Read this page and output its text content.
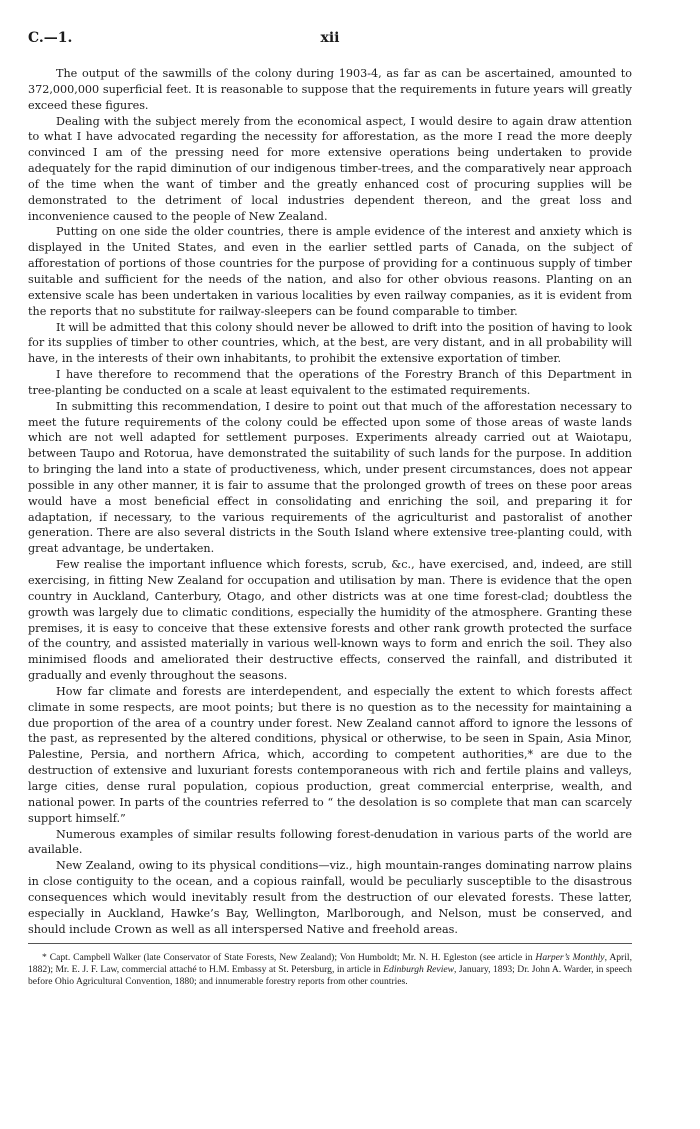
C.—1.	xii

The output of the sawmills of the colony during 1903-4, as far as can be ascertained, amounted to 372,000,000 superficial feet. It is reasonable to suppose that the requirements in future years will greatly exceed these figures.

Dealing with the subject merely from the economical aspect, I would desire to again draw attention to what I have advocated regarding the necessity for afforestation, as the more I read the more deeply convinced I am of the pressing need for more extensive operations being undertaken to provide adequately for the rapid diminution of our indigenous timber-trees, and the comparatively near approach of the time when the want of timber and the greatly enhanced cost of procuring supplies will be demonstrated to the detriment of local industries dependent thereon, and the great loss and inconvenience caused to the people of New Zealand.

Putting on one side the older countries, there is ample evidence of the interest and anxiety which is displayed in the United States, and even in the earlier settled parts of Canada, on the subject of afforestation of portions of those countries for the purpose of providing for a continuous supply of timber suitable and sufficient for the needs of the nation, and also for other obvious reasons. Planting on an extensive scale has been undertaken in various localities by even railway companies, as it is evident from the reports that no substitute for railway-sleepers can be found comparable to timber.

It will be admitted that this colony should never be allowed to drift into the position of having to look for its supplies of timber to other countries, which, at the best, are very distant, and in all probability will have, in the interests of their own inhabitants, to prohibit the extensive exportation of timber.

I have therefore to recommend that the operations of the Forestry Branch of this Department in tree-planting be conducted on a scale at least equivalent to the estimated requirements.

In submitting this recommendation, I desire to point out that much of the afforestation necessary to meet the future requirements of the colony could be effected upon some of those areas of waste lands which are not well adapted for settlement purposes. Experiments already carried out at Waiotapu, between Taupo and Rotorua, have demonstrated the suitability of such lands for the purpose. In addition to bringing the land into a state of productiveness, which, under present circumstances, does not appear possible in any other manner, it is fair to assume that the prolonged growth of trees on these poor areas would have a most beneficial effect in consolidating and enriching the soil, and preparing it for adaptation, if necessary, to the various requirements of the agriculturist and pastoralist of another generation. There are also several districts in the South Island where extensive tree-planting could, with great advantage, be undertaken.

Few realise the important influence which forests, scrub, &c., have exercised, and, indeed, are still exercising, in fitting New Zealand for occupation and utilisation by man. There is evidence that the open country in Auckland, Canterbury, Otago, and other districts was at one time forest-clad; doubtless the growth was largely due to climatic conditions, especially the humidity of the atmosphere. Granting these premises, it is easy to conceive that these extensive forests and other rank growth protected the surface of the country, and assisted materially in various well-known ways to form and enrich the soil. They also minimised floods and ameliorated their destructive effects, conserved the rainfall, and distributed it gradually and evenly throughout the seasons.

How far climate and forests are interdependent, and especially the extent to which forests affect climate in some respects, are moot points; but there is no question as to the necessity for maintaining a due proportion of the area of a country under forest. New Zealand cannot afford to ignore the lessons of the past, as represented by the altered conditions, physical or otherwise, to be seen in Spain, Asia Minor, Palestine, Persia, and northern Africa, which, according to competent authorities,* are due to the destruction of extensive and luxuriant forests contemporaneous with rich and fertile plains and valleys, large cities, dense rural population, copious production, great commercial enterprise, wealth, and national power. In parts of the countries referred to “ the desolation is so complete that man can scarcely support himself.”

Numerous examples of similar results following forest-denudation in various parts of the world are available.

New Zealand, owing to its physical conditions—viz., high mountain-ranges dominating narrow plains in close contiguity to the ocean, and a copious rainfall, would be peculiarly susceptible to the disastrous consequences which would inevitably result from the destruction of our elevated forests. These latter, especially in Auckland, Hawke’s Bay, Wellington, Marlborough, and Nelson, must be conserved, and should include Crown as well as all interspersed Native and freehold areas.

* Capt. Campbell Walker (late Conservator of State Forests, New Zealand); Von Humboldt; Mr. N. H. Egleston (see article in Harper’s Monthly, April, 1882); Mr. E. J. F. Law, commercial attaché to H.M. Embassy at St. Petersburg, in article in Edinburgh Review, January, 1893; Dr. John A. Warder, in speech before Ohio Agricultural Convention, 1880; and innumerable forestry reports from other countries.
